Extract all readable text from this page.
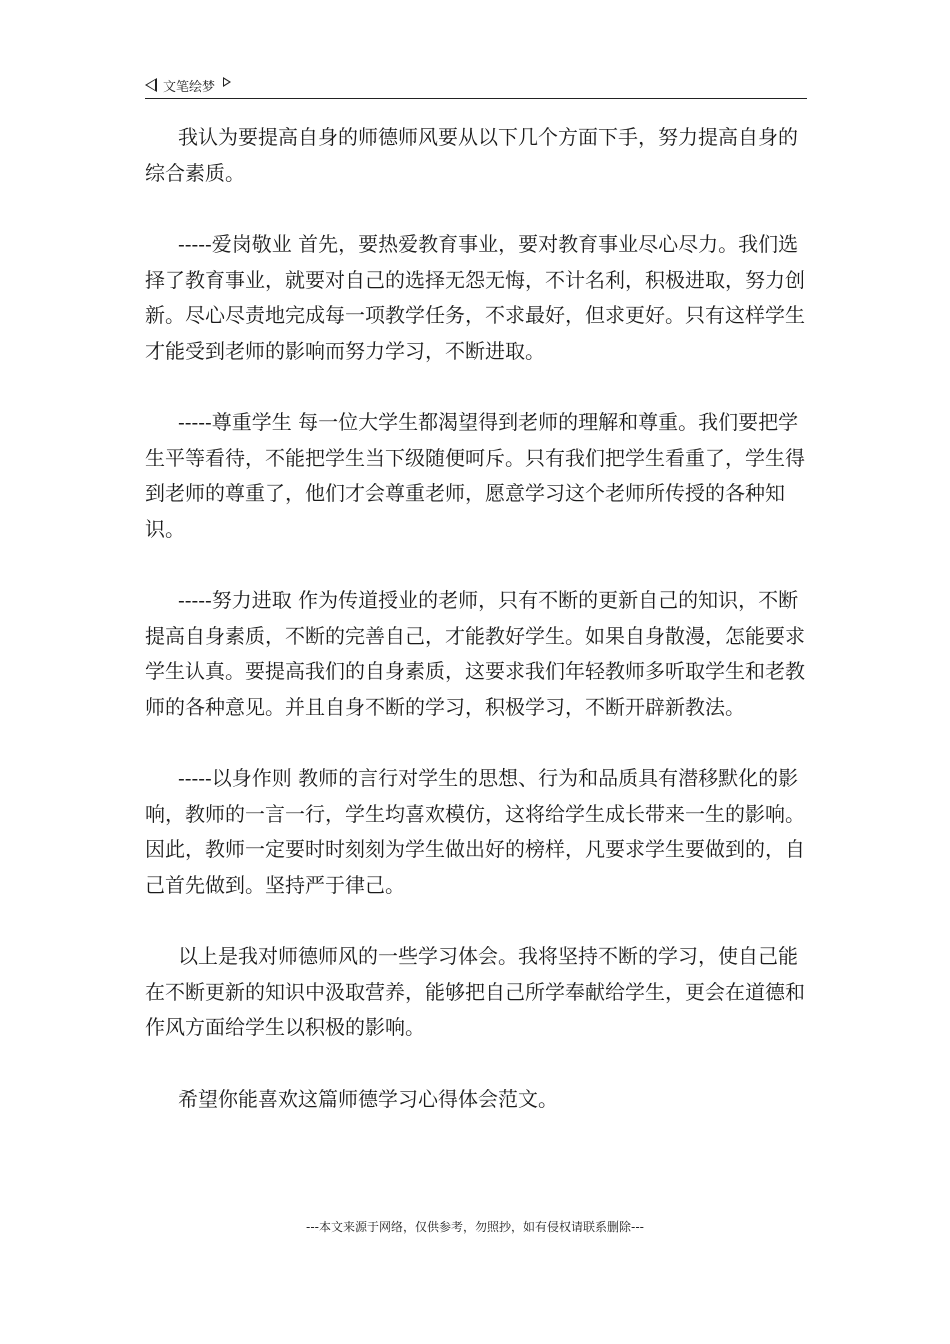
文笔绘梦

我认为要提高自身的师德师风要从以下几个方面下手，努力提高自身的综合素质。

-----爱岗敬业 首先，要热爱教育事业，要对教育事业尽心尽力。我们选择了教育事业，就要对自己的选择无怨无悔，不计名利，积极进取，努力创新。尽心尽责地完成每一项教学任务，不求最好，但求更好。只有这样学生才能受到老师的影响而努力学习，不断进取。

-----尊重学生 每一位大学生都渴望得到老师的理解和尊重。我们要把学生平等看待，不能把学生当下级随便呵斥。只有我们把学生看重了，学生得到老师的尊重了，他们才会尊重老师，愿意学习这个老师所传授的各种知识。

-----努力进取 作为传道授业的老师，只有不断的更新自己的知识，不断提高自身素质，不断的完善自己，才能教好学生。如果自身散漫，怎能要求学生认真。要提高我们的自身素质，这要求我们年轻教师多听取学生和老教师的各种意见。并且自身不断的学习，积极学习，不断开辟新教法。

-----以身作则 教师的言行对学生的思想、行为和品质具有潜移默化的影响，教师的一言一行，学生均喜欢模仿，这将给学生成长带来一生的影响。因此，教师一定要时时刻刻为学生做出好的榜样，凡要求学生要做到的，自己首先做到。坚持严于律己。

以上是我对师德师风的一些学习体会。我将坚持不断的学习，使自己能在不断更新的知识中汲取营养，能够把自己所学奉献给学生，更会在道德和作风方面给学生以积极的影响。

希望你能喜欢这篇师德学习心得体会范文。

---本文来源于网络，仅供参考，勿照抄，如有侵权请联系删除---
